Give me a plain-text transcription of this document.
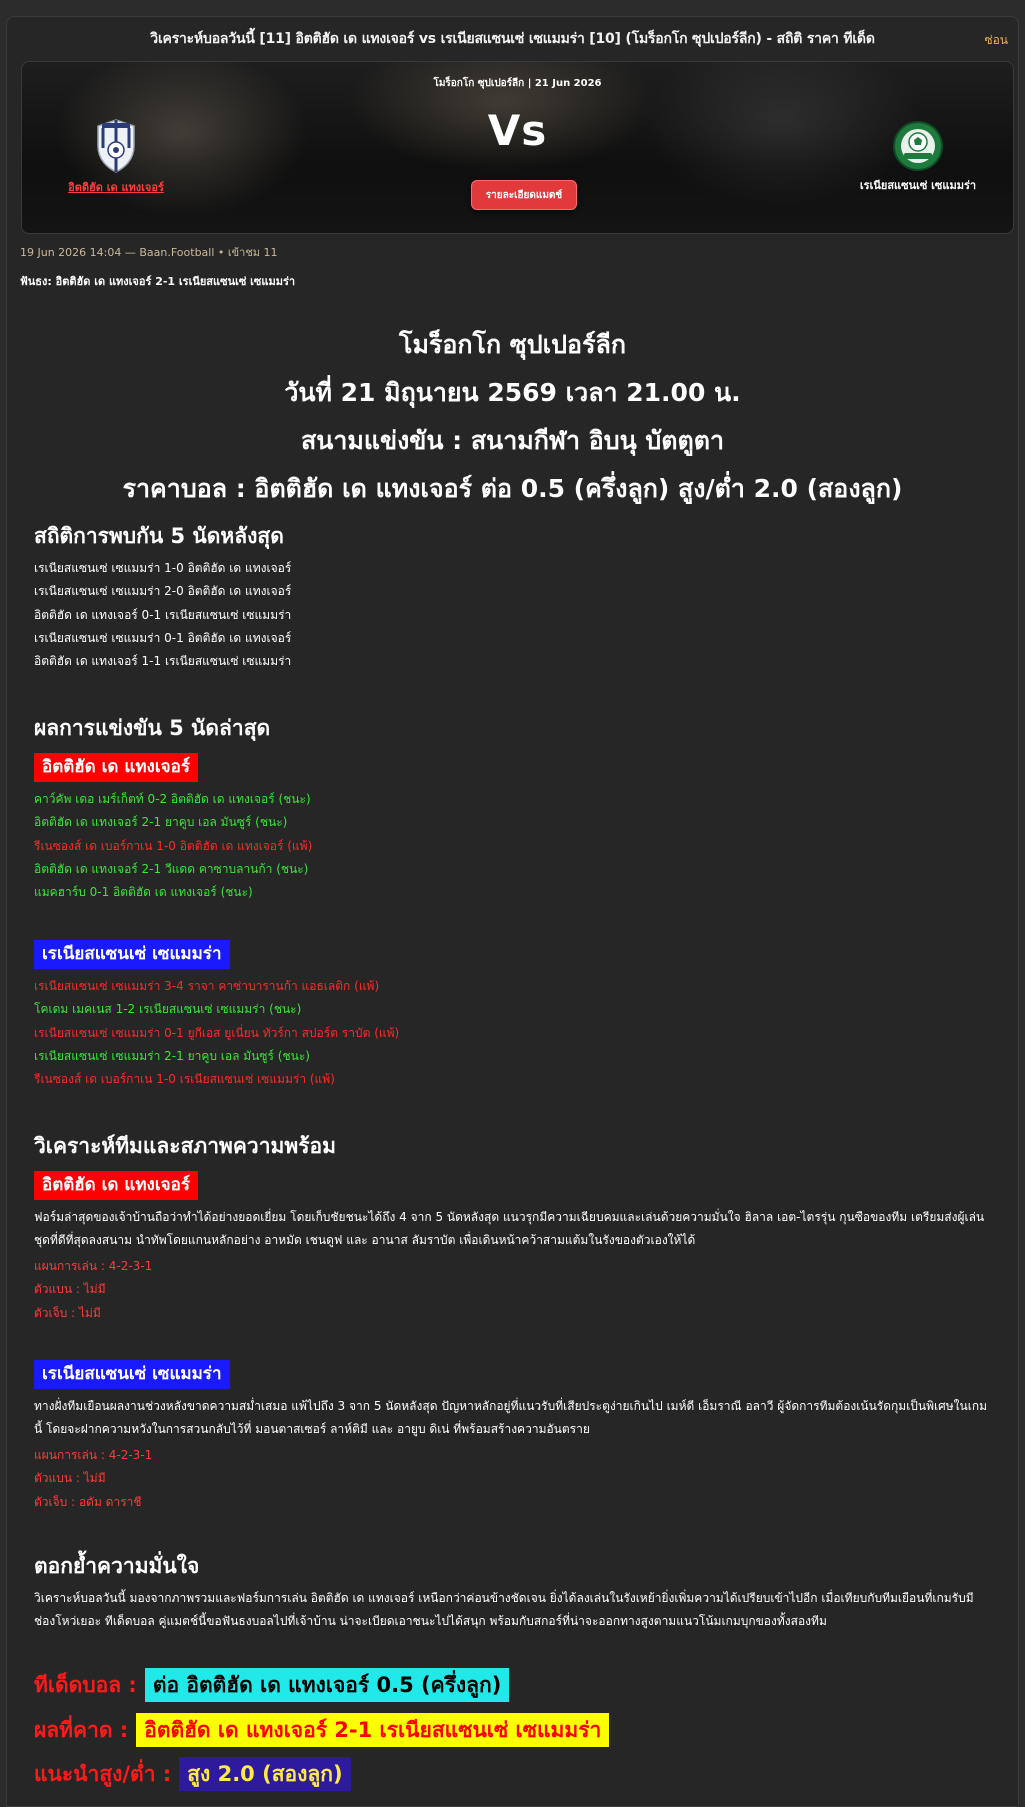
วิเคราะห์บอลวันนี้ [11] อิตติฮัด เด แทงเจอร์ vs เรเนียสแซนเซ่ เซแมมร่า [10] (โมร็อกโก ซุปเปอร์ลีก) - สถิติ ราคา ทีเด็ด	ซ่อน
โมร็อกโก ซุปเปอร์ลีก | 21 Jun 2026
อิตติฮัด เด แทงเจอร์
Vs
รายละเอียดแมตช์
เรเนียสแซนเซ่ เซแมมร่า
19 Jun 2026 14:04 — Baan.Football • เข้าชม 11
ฟันธง: อิตติฮัด เด แทงเจอร์ 2-1 เรเนียสแซนเซ่ เซแมมร่า
โมร็อกโก ซุปเปอร์ลีก
วันที่ 21 มิถุนายน 2569 เวลา 21.00 น.
สนามแข่งขัน : สนามกีฬา อิบนุ บัตตูตา
ราคาบอล : อิตติฮัด เด แทงเจอร์ ต่อ 0.5 (ครึ่งลูก) สูง/ต่ำ 2.0 (สองลูก)
สถิติการพบกัน 5 นัดหลังสุด
เรเนียสแซนเซ่ เซแมมร่า 1-0 อิตติฮัด เด แทงเจอร์
เรเนียสแซนเซ่ เซแมมร่า 2-0 อิตติฮัด เด แทงเจอร์
อิตติฮัด เด แทงเจอร์ 0-1 เรเนียสแซนเซ่ เซแมมร่า
เรเนียสแซนเซ่ เซแมมร่า 0-1 อิตติฮัด เด แทงเจอร์
อิตติฮัด เด แทงเจอร์ 1-1 เรเนียสแซนเซ่ เซแมมร่า
ผลการแข่งขัน 5 นัดล่าสุด
อิตติฮัด เด แทงเจอร์
คาว์คัพ เดอ เมร์เก็ตท์ 0-2 อิตติฮัด เด แทงเจอร์ (ชนะ)
อิตติฮัด เด แทงเจอร์ 2-1 ยาคูบ เอล มันซูร์ (ชนะ)
รีเนซองส์ เด เบอร์กาเน 1-0 อิตติฮัด เด แทงเจอร์ (แพ้)
อิตติฮัด เด แทงเจอร์ 2-1 วีแดด คาซาบลานก้า (ชนะ)
แมคฮาร์บ 0-1 อิตติฮัด เด แทงเจอร์ (ชนะ)
เรเนียสแซนเซ่ เซแมมร่า
เรเนียสแซนเซ่ เซแมมร่า 3-4 ราจา คาซ่าบารานก้า แอธเลติก (แพ้)
โคเดม เมคเนส 1-2 เรเนียสแซนเซ่ เซแมมร่า (ชนะ)
เรเนียสแซนเซ่ เซแมมร่า 0-1 ยูกีเอส ยูเนี่ยน ทัวร์กา สปอร์ต ราบัต (แพ้)
เรเนียสแซนเซ่ เซแมมร่า 2-1 ยาคูบ เอล มันซูร์ (ชนะ)
รีเนซองส์ เด เบอร์กาเน 1-0 เรเนียสแซนเซ่ เซแมมร่า (แพ้)
วิเคราะห์ทีมและสภาพความพร้อม
อิตติฮัด เด แทงเจอร์
ฟอร์มล่าสุดของเจ้าบ้านถือว่าทำได้อย่างยอดเยี่ยม โดยเก็บชัยชนะได้ถึง 4 จาก 5 นัดหลังสุด แนวรุกมีความเฉียบคมและเล่นด้วยความมั่นใจ ฮิลาล เอต-ไตรรุ่น กุนซือของทีม เตรียมส่งผู้เล่นชุดที่ดีที่สุดลงสนาม นำทัพโดยแกนหลักอย่าง อาหมัด เชนดูฟ และ อานาส ลัมราบัต เพื่อเดินหน้าคว้าสามแต้มในรังของตัวเองให้ได้
แผนการเล่น : 4-2-3-1
ตัวแบน : ไม่มี
ตัวเจ็บ : ไม่มี
เรเนียสแซนเซ่ เซแมมร่า
ทางฝั่งทีมเยือนผลงานช่วงหลังขาดความสม่ำเสมอ แพ้ไปถึง 3 จาก 5 นัดหลังสุด ปัญหาหลักอยู่ที่แนวรับที่เสียประตูง่ายเกินไป เมห์ดี เอ็มราณี อลาวี ผู้จัดการทีมต้องเน้นรัดกุมเป็นพิเศษในเกมนี้ โดยจะฝากความหวังในการสวนกลับไว้ที่ มอนตาสเซอร์ ลาห์ติมี และ อายูบ ดิเน่ ที่พร้อมสร้างความอันตราย
แผนการเล่น : 4-2-3-1
ตัวแบน : ไม่มี
ตัวเจ็บ : อดัม ดาราชี
ตอกย้ำความมั่นใจ
วิเคราะห์บอลวันนี้ มองจากภาพรวมและฟอร์มการเล่น อิตติฮัด เด แทงเจอร์ เหนือกว่าค่อนข้างชัดเจน ยิ่งได้ลงเล่นในรังเหย้ายิ่งเพิ่มความได้เปรียบเข้าไปอีก เมื่อเทียบกับทีมเยือนที่เกมรับมีช่องโหว่เยอะ ทีเด็ดบอล คู่แมตช์นี้ขอฟันธงบอลไปที่เจ้าบ้าน น่าจะเบียดเอาชนะไปได้สนุก พร้อมกับสกอร์ที่น่าจะออกทางสูงตามแนวโน้มเกมบุกของทั้งสองทีม
ทีเด็ดบอล : ต่อ อิตติฮัด เด แทงเจอร์ 0.5 (ครึ่งลูก)
ผลที่คาด : อิตติฮัด เด แทงเจอร์ 2-1 เรเนียสแซนเซ่ เซแมมร่า
แนะนำสูง/ต่ำ : สูง 2.0 (สองลูก)
